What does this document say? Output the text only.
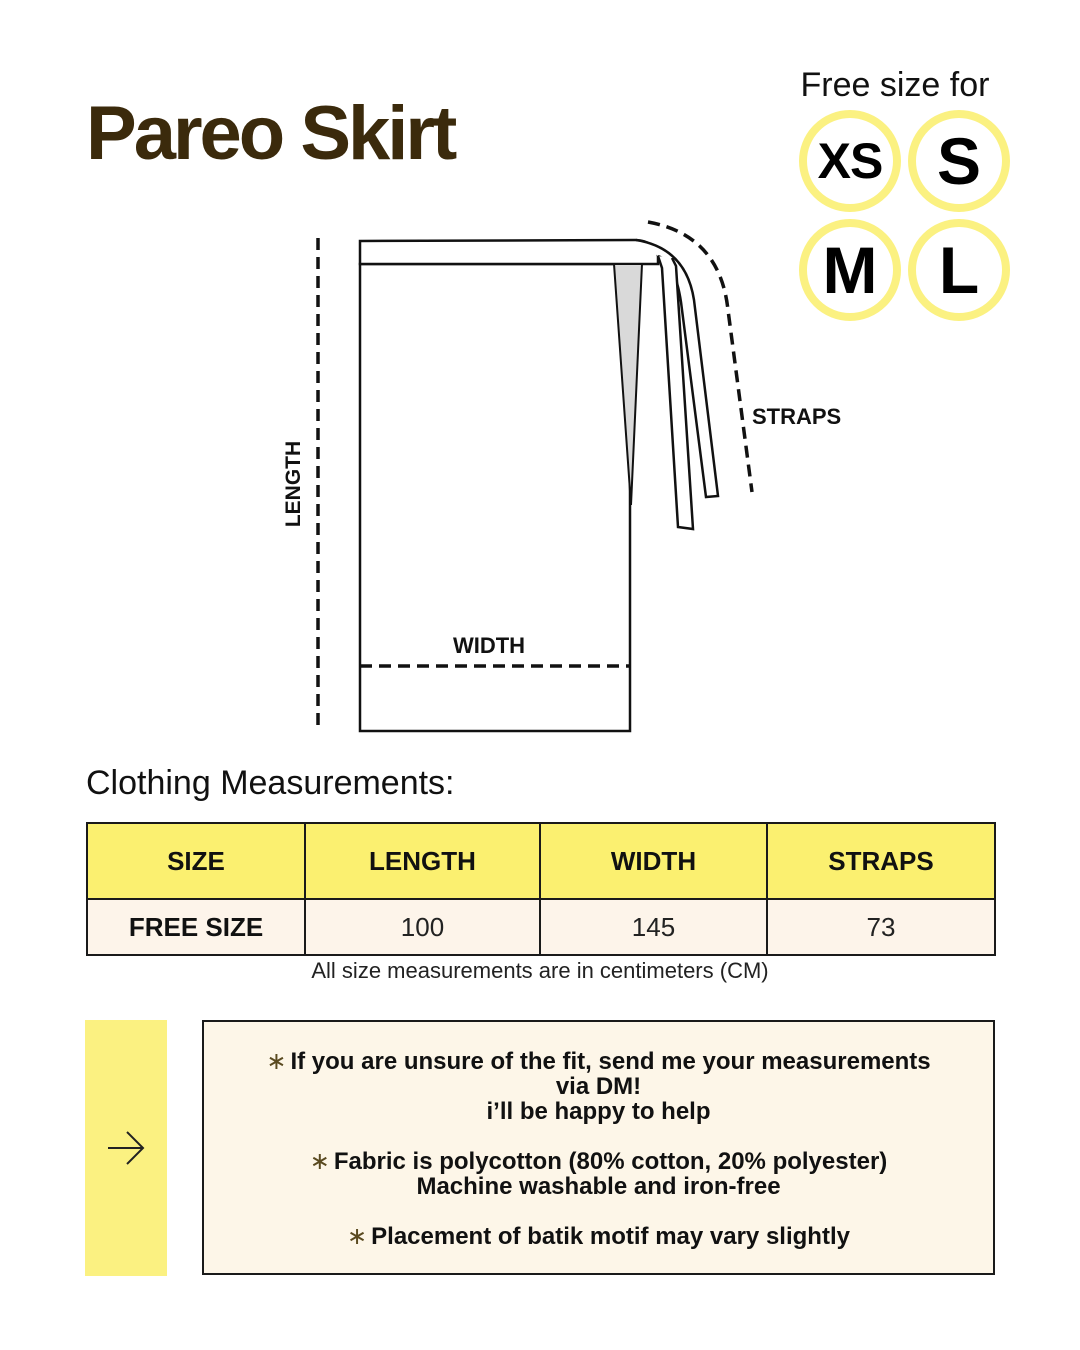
Pareo Skirt
Free size for
XS S
M L
LENGTH
STRAPS
WIDTH
Clothing Measurements:
SIZE	LENGTH	WIDTH	STRAPS
FREE SIZE	100	145	73
All size measurements are in centimeters (CM)
∗ If you are unsure of the fit, send me your measurements
via DM!
i’ll be happy to help
∗ Fabric is polycotton (80% cotton, 20% polyester)
Machine washable and iron-free
∗ Placement of batik motif may vary slightly
